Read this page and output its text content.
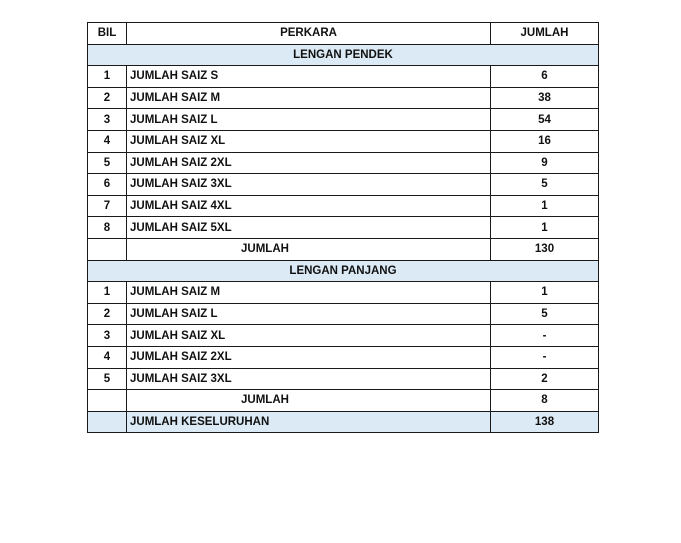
BIL	PERKARA	JUMLAH
LENGAN PENDEK		
1	JUMLAH SAIZ S	6
2	JUMLAH SAIZ M	38
3	JUMLAH SAIZ L	54
4	JUMLAH SAIZ XL	16
5	JUMLAH SAIZ 2XL	9
6	JUMLAH SAIZ 3XL	5
7	JUMLAH SAIZ 4XL	1
8	JUMLAH SAIZ 5XL	1
	JUMLAH	130
LENGAN PANJANG		
1	JUMLAH SAIZ M	1
2	JUMLAH SAIZ L	5
3	JUMLAH SAIZ XL	-
4	JUMLAH SAIZ 2XL	-
5	JUMLAH SAIZ 3XL	2
	JUMLAH	8
	JUMLAH KESELURUHAN	138
